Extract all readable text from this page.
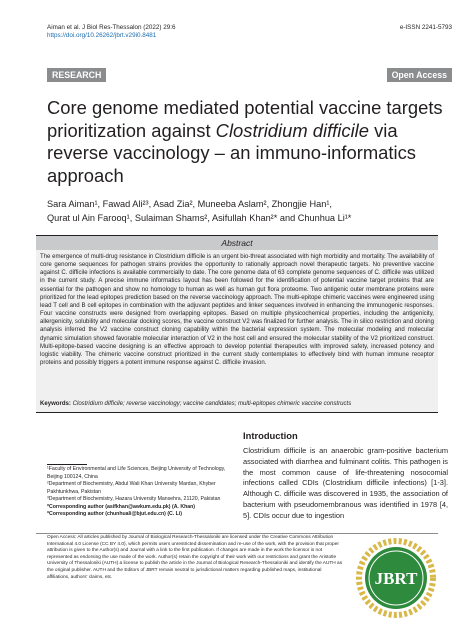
Aiman et al. J Biol Res-Thessalon (2022) 29:6
https://doi.org/10.26262/jbrt.v29i0.8481
e-ISSN 2241-5793
RESEARCH	Open Access
Core genome mediated potential vaccine targets prioritization against Clostridium difficile via reverse vaccinology – an immuno-informatics approach
Sara Aiman¹, Fawad Ali²³, Asad Zia², Muneeba Aslam², Zhongjie Han¹,
Qurat ul Ain Farooq¹, Sulaiman Shams², Asifullah Khan²* and Chunhua Li¹*
Abstract
The emergence of multi-drug resistance in Clostridium difficile is an urgent bio-threat associated with high morbidity and mortality. The availability of core genome sequences for pathogen strains provides the opportunity to rationally approach novel therapeutic targets. No preventive vaccine against C. difficile infections is available commercially to date. The core genome data of 63 complete genome sequences of C. difficile was utilized in the current study. A precise immune informatics layout has been followed for the identification of potential vaccine target proteins that are essential for the pathogen and show no homology to human as well as human gut flora proteome. Two antigenic outer membrane proteins were prioritized for the lead epitopes prediction based on the reverse vaccinology approach. The multi-epitope chimeric vaccines were engineered using lead T cell and B cell epitopes in combination with the adjuvant peptides and linker sequences involved in enhancing the immunogenic responses. Four vaccine constructs were designed from overlapping epitopes. Based on multiple physicochemical properties, including the antigenicity, allergenicity, solubility and molecular docking scores, the vaccine construct V2 was finalized for further analysis. The in silico restriction and cloning analysis inferred the V2 vaccine construct cloning capability within the bacterial expression system. The molecular modeling and molecular dynamic simulation showed favorable molecular interaction of V2 in the host cell and ensured the molecular stability of the V2 prioritized construct. Multi-epitope-based vaccine designing is an effective approach to develop potential therapeutics with improved safety, increased potency and logistic viability. The chimeric vaccine construct prioritized in the current study contemplates to effectively bind with human immune receptor proteins and possibly triggers a potent immune response against C. difficile invasion.
Keywords: Clostridium difficile; reverse vaccinology; vaccine candidates; multi-epitopes chimeric vaccine constructs
Introduction
Clostridium difficile is an anaerobic gram-positive bacterium associated with diarrhea and fulminant colitis. This pathogen is the most common cause of life-threatening nosocomial infections called CDIs (Clostridium difficile infections) [1-3]. Although C. difficile was discovered in 1935, the association of bacterium with pseudomembranous was identified in 1978 [4, 5]. CDIs occur due to ingestion
¹Faculty of Environmental and Life Sciences, Beijing University of Technology, Beijing 100124, China
²Department of Biochemistry, Abdul Wali Khan University Mardan, Khyber Pakhtunkhwa, Pakistan
³Department of Biochemistry, Hazara University Mansehra, 21120, Pakistan
*Corresponding author (asifkhan@awkum.edu.pk) (A. Khan)
*Corresponding author (chunhuali@bjut.edu.cn) (C. Li)
Open Access: All articles published by Journal of Biological Research-Thessaloniki are licensed under the Creative Commons Attribution International 4.0 License (CC BY 4.0), which permits users unrestricted dissemination and re-use of the work, with the provision that proper attribution is given to the Author(s) and Journal with a link to the first publication. If changes are made in the work the licensor is not represented as endorsing the use made of the work. Author(s) retain the copyright of their work with our restrictions and grant the Aristotle University of Thessaloniki (AUTH) a license to publish the article in the Journal of Biological Research-Thessaloniki and identify the AUTH as the original publisher. AUTH and the Editors of JBRT remain neutral to jurisdictional matters regarding published maps, institutional affiliations, authors' claims, etc.	JBRT
